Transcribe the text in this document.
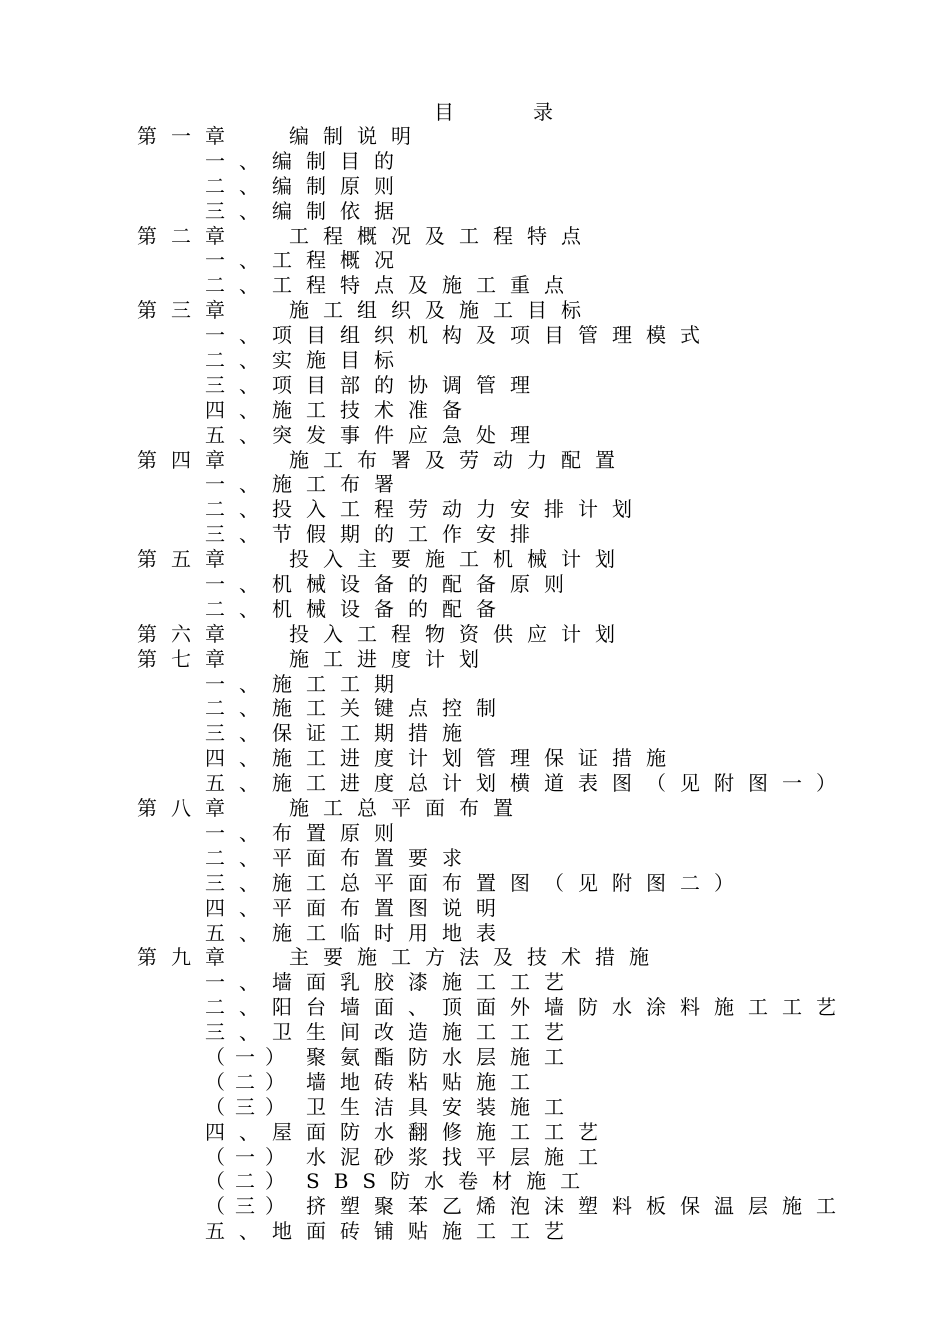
目	录
第一章	编制说明
一、 编制目的
二、 编制原则
三、 编制依据
第二章	工程概况及工程特点
一、 工程概况
二、 工程特点及施工重点
第三章	施工组织及施工目标
一、 项目组织机构及项目管理模式
二、 实施目标
三、 项目部的协调管理
四、 施工技术准备
五、 突发事件应急处理
第四章	施工布署及劳动力配置
一、 施工布署
二、 投入工程劳动力安排计划
三、 节假期的工作安排
第五章	投入主要施工机械计划
一、 机械设备的配备原则
二、 机械设备的配备
第六章	投入工程物资供应计划
第七章	施工进度计划
一、 施工工期
二、 施工关键点控制
三、 保证工期措施
四、 施工进度计划管理保证措施
五、 施工进度总计划横道表图（见附图一）
第八章	施工总平面布置
一、 布置原则
二、 平面布置要求
三、 施工总平面布置图（见附图二）
四、 平面布置图说明
五、 施工临时用地表
第九章	主要施工方法及技术措施
一、 墙面乳胶漆施工工艺
二、 阳台墙面、顶面外墙防水涂料施工工艺
三、 卫生间改造施工工艺
（一） 聚氨酯防水层施工
（二） 墙地砖粘贴施工
（三） 卫生洁具安装施工
四、 屋面防水翻修施工工艺
（一） 水泥砂浆找平层施工
（二） SBS防水卷材施工
（三） 挤塑聚苯乙烯泡沫塑料板保温层施工
五、 地面砖铺贴施工工艺
